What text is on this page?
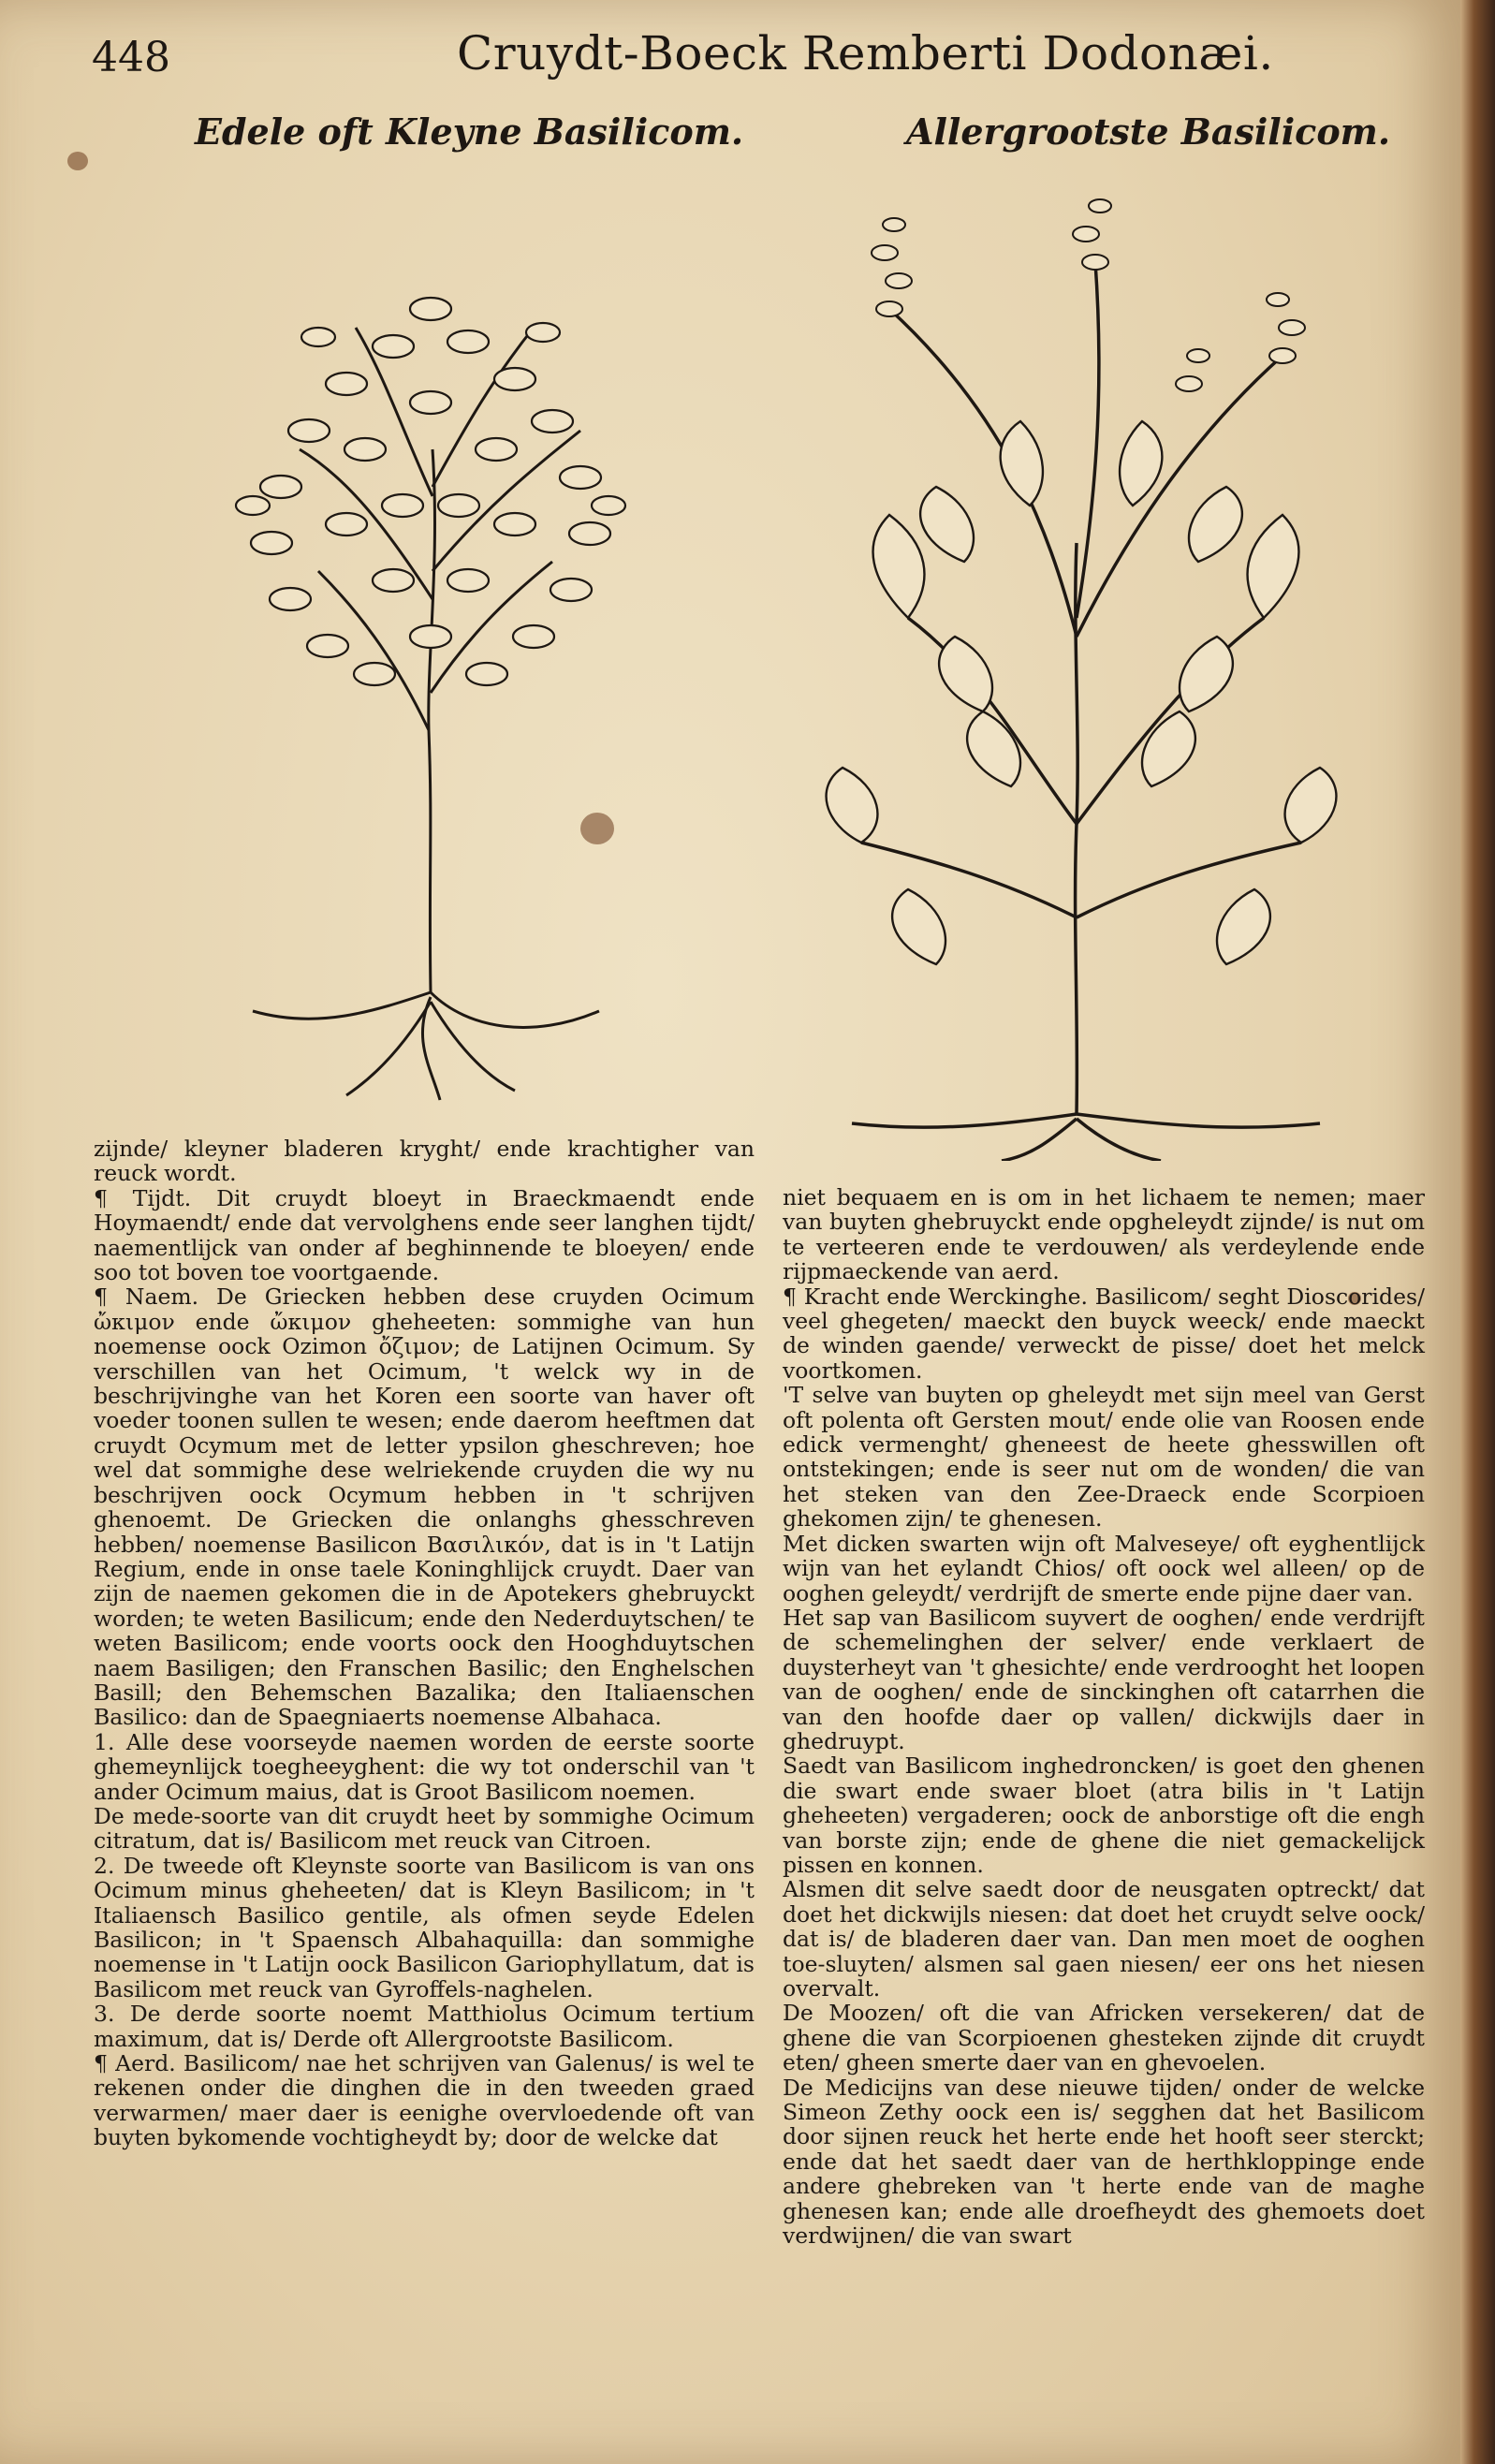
448	Cruydt-Boeck Remberti Dodonæi.
Edele oft Kleyne Basilicom.	Allergrootste Basilicom.

zijnde/ kleyner bladeren kryght/ ende krachtigher van reuck wordt.

¶ Tijdt. Dit cruydt bloeyt in Braeckmaendt ende Hoymaendt/ ende dat vervolghens ende seer langhen tijdt/ naementlijck van onder af beghinnende te bloeyen/ ende soo tot boven toe voortgaende.

¶ Naem. De Griecken hebben dese cruyden Ocimum ὤκιμον ende ὤκιμον gheheeten: sommighe van hun noemense oock Ozimon ὄζιμον; de Latijnen Ocimum. Sy verschillen van het Ocimum, 't welck wy in de beschrijvinghe van het Koren een soorte van haver oft voeder toonen sullen te wesen; ende daerom heeftmen dat cruydt Ocymum met de letter ypsilon gheschreven; hoe wel dat sommighe dese welriekende cruyden die wy nu beschrijven oock Ocymum hebben in 't schrijven ghenoemt. De Griecken die onlanghs ghesschreven hebben/ noemense Basilicon Βασιλικόν, dat is in 't Latijn Regium, ende in onse taele Koninghlijck cruydt. Daer van zijn de naemen gekomen die in de Apotekers ghebruyckt worden; te weten Basilicum; ende den Nederduytschen/ te weten Basilicom; ende voorts oock den Hooghduytschen naem Basiligen; den Franschen Basilic; den Enghelschen Basill; den Behemschen Bazalika; den Italiaenschen Basilico: dan de Spaegniaerts noemense Albahaca.

1. Alle dese voorseyde naemen worden de eerste soorte ghemeynlijck toegheeyghent: die wy tot onderschil van 't ander Ocimum maius, dat is Groot Basilicom noemen.

De mede-soorte van dit cruydt heet by sommighe Ocimum citratum, dat is/ Basilicom met reuck van Citroen.

2. De tweede oft Kleynste soorte van Basilicom is van ons Ocimum minus gheheeten/ dat is Kleyn Basilicom; in 't Italiaensch Basilico gentile, als ofmen seyde Edelen Basilicon; in 't Spaensch Albahaquilla: dan sommighe noemense in 't Latijn oock Basilicon Gariophyllatum, dat is Basilicom met reuck van Gyroffels-naghelen.

3. De derde soorte noemt Matthiolus Ocimum tertium maximum, dat is/ Derde oft Allergrootste Basilicom.

¶ Aerd. Basilicom/ nae het schrijven van Galenus/ is wel te rekenen onder die dinghen die in den tweeden graed verwarmen/ maer daer is eenighe overvloedende oft van buyten bykomende vochtigheydt by; door de welcke dat

niet bequaem en is om in het lichaem te nemen; maer van buyten ghebruyckt ende opgheleydt zijnde/ is nut om te verteeren ende te verdouwen/ als verdeylende ende rijpmaeckende van aerd.

¶ Kracht ende Werckinghe. Basilicom/ seght Dioscorides/ veel ghegeten/ maeckt den buyck weeck/ ende maeckt de winden gaende/ verweckt de pisse/ doet het melck voortkomen.

'T selve van buyten op gheleydt met sijn meel van Gerst oft polenta oft Gersten mout/ ende olie van Roosen ende edick vermenght/ gheneest de heete ghesswillen oft ontstekingen; ende is seer nut om de wonden/ die van het steken van den Zee-Draeck ende Scorpioen ghekomen zijn/ te ghenesen.

Met dicken swarten wijn oft Malveseye/ oft eyghentlijck wijn van het eylandt Chios/ oft oock wel alleen/ op de ooghen geleydt/ verdrijft de smerte ende pijne daer van.

Het sap van Basilicom suyvert de ooghen/ ende verdrijft de schemelinghen der selver/ ende verklaert de duysterheyt van 't ghesichte/ ende verdrooght het loopen van de ooghen/ ende de sinckinghen oft catarrhen die van den hoofde daer op vallen/ dickwijls daer in ghedruypt.

Saedt van Basilicom inghedroncken/ is goet den ghenen die swart ende swaer bloet (atra bilis in 't Latijn gheheeten) vergaderen; oock de anborstige oft die engh van borste zijn; ende de ghene die niet gemackelijck pissen en konnen.

Alsmen dit selve saedt door de neusgaten optreckt/ dat doet het dickwijls niesen: dat doet het cruydt selve oock/ dat is/ de bladeren daer van. Dan men moet de ooghen toe-sluyten/ alsmen sal gaen niesen/ eer ons het niesen overvalt.

De Moozen/ oft die van Africken versekeren/ dat de ghene die van Scorpioenen ghesteken zijnde dit cruydt eten/ gheen smerte daer van en ghevoelen.

De Medicijns van dese nieuwe tijden/ onder de welcke Simeon Zethy oock een is/ segghen dat het Basilicom door sijnen reuck het herte ende het hooft seer sterckt; ende dat het saedt daer van de herthkloppinge ende andere ghebreken van 't herte ende van de maghe ghenesen kan; ende alle droefheydt des ghemoets doet verdwijnen/ die van swart
